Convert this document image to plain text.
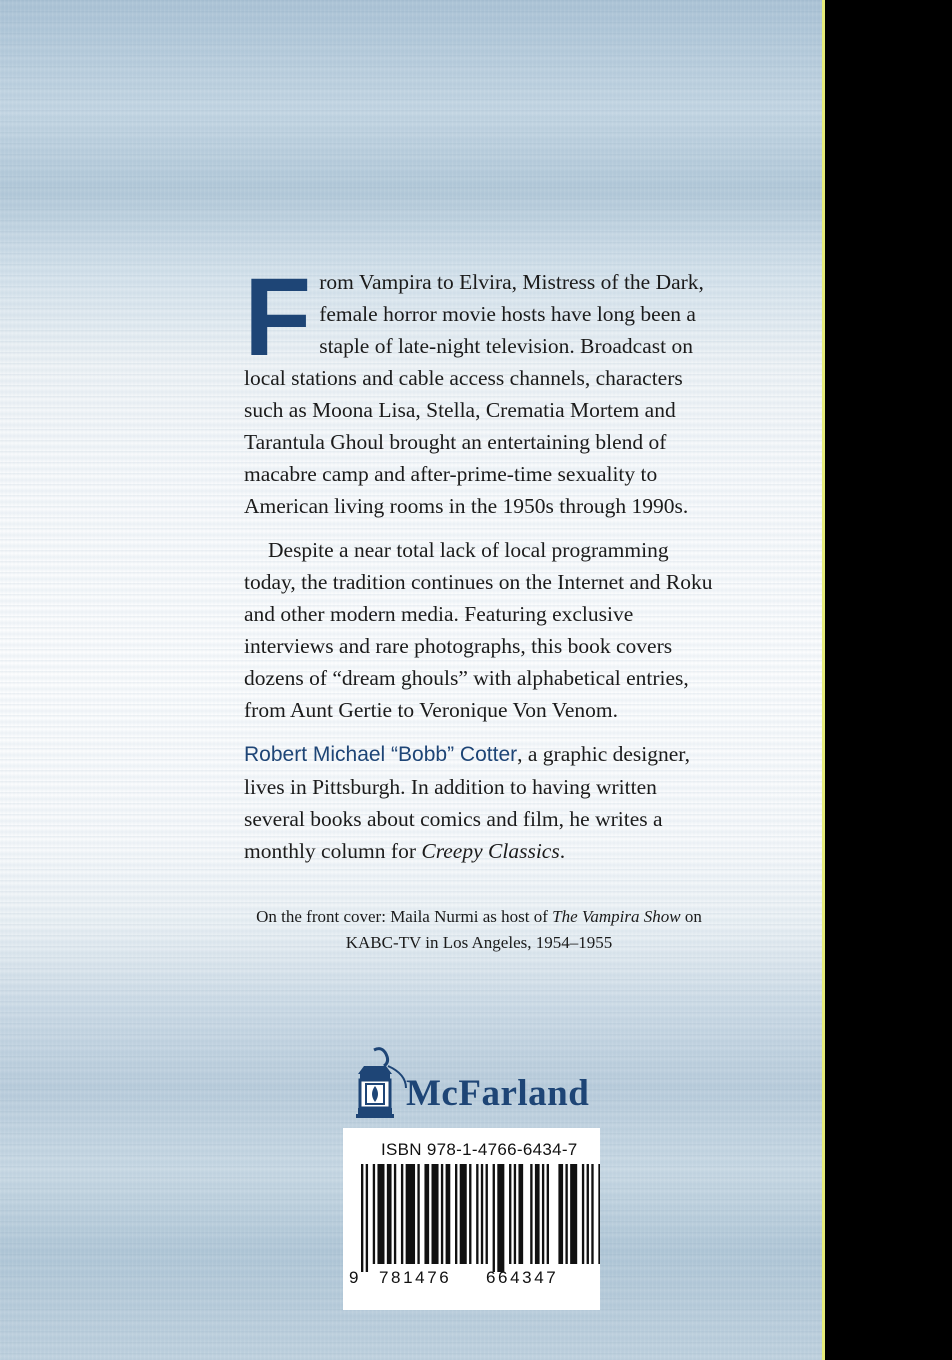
From Vampira to Elvira, Mistress of the Dark, female horror movie hosts have long been a staple of late-night television. Broadcast on local stations and cable access channels, characters such as Moona Lisa, Stella, Crematia Mortem and Tarantula Ghoul brought an entertaining blend of macabre camp and after-prime-time sexuality to American living rooms in the 1950s through 1990s.

Despite a near total lack of local programming today, the tradition continues on the Internet and Roku and other modern media. Featuring exclusive interviews and rare photographs, this book covers dozens of “dream ghouls” with alphabetical entries, from Aunt Gertie to Veronique Von Venom.

Robert Michael “Bobb” Cotter, a graphic designer, lives in Pittsburgh. In addition to having written several books about comics and film, he writes a monthly column for Creepy Classics.

On the front cover: Maila Nurmi as host of The Vampira Show on KABC-TV in Los Angeles, 1954–1955
McFarland
ISBN 978-1-4766-6434-7
9 781476 664347
